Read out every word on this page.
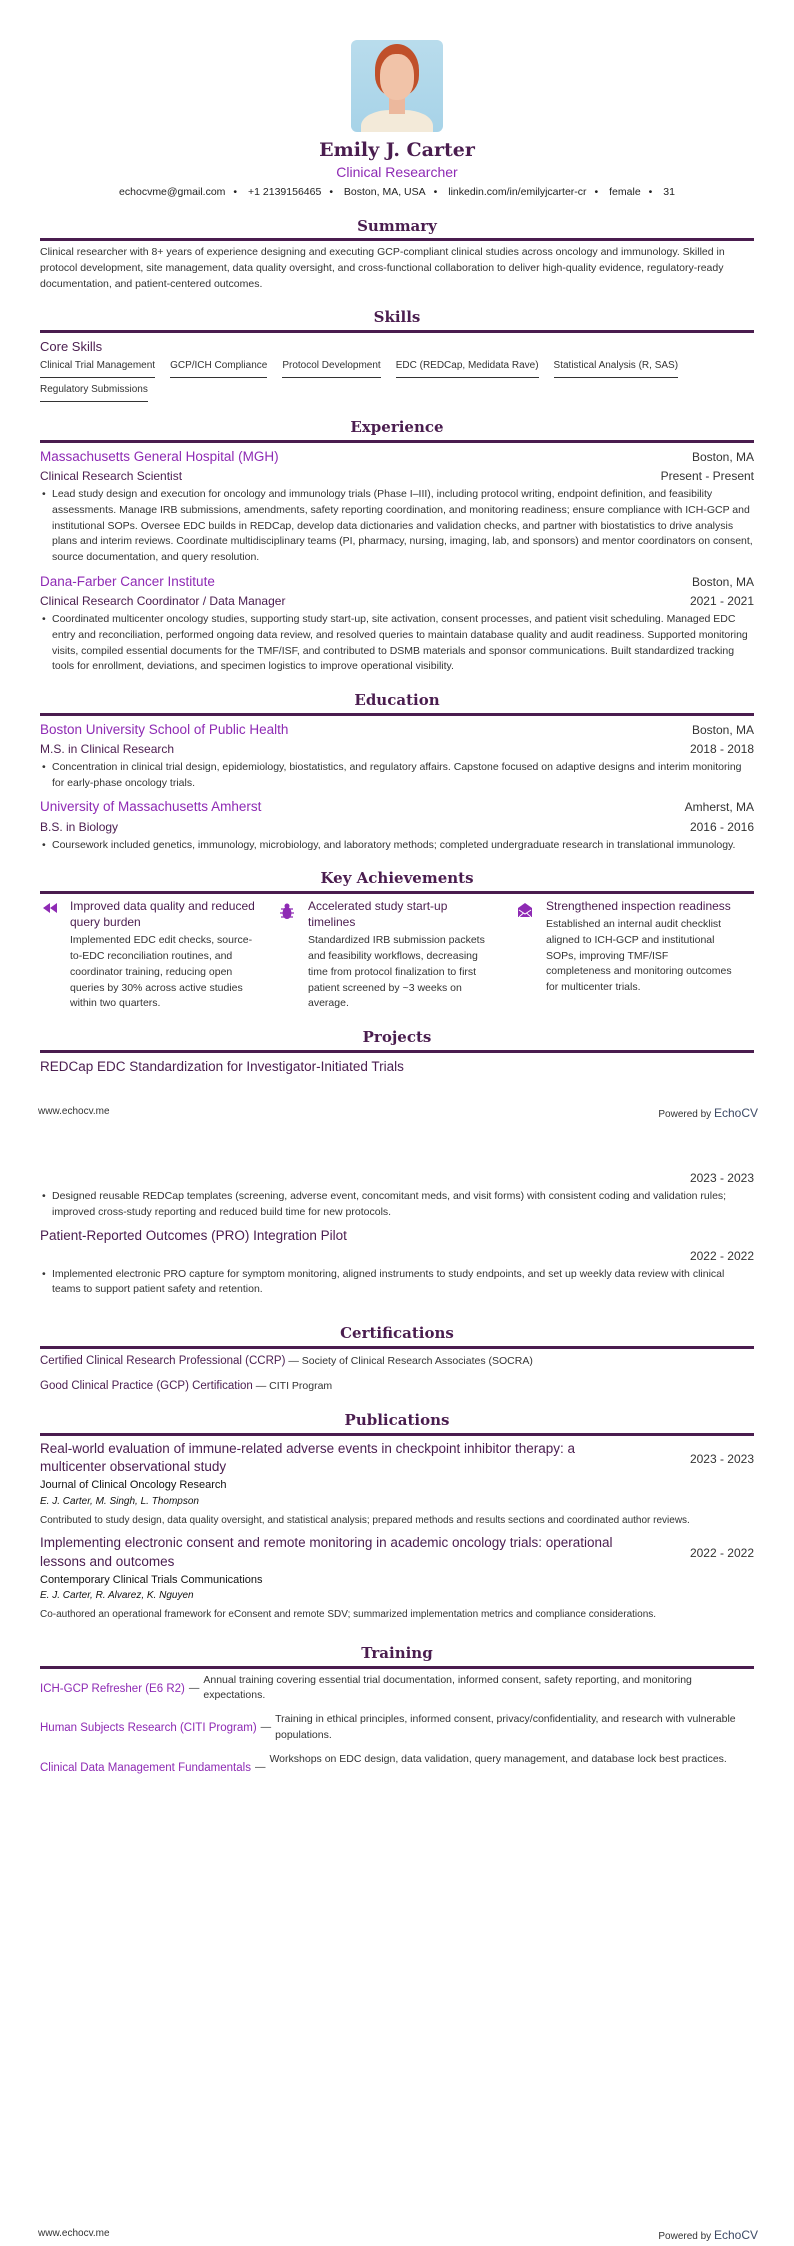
Emily J. Carter
Clinical Researcher
echocvme@gmail.com • +1 2139156465 • Boston, MA, USA • linkedin.com/in/emilyjcarter-cr • female • 31
Summary

Clinical researcher with 8+ years of experience designing and executing GCP-compliant clinical studies across oncology and immunology. Skilled in protocol development, site management, data quality oversight, and cross-functional collaboration to deliver high-quality evidence, regulatory-ready documentation, and patient-centered outcomes.

Skills
Core Skills
Clinical Trial Management GCP/ICH Compliance Protocol Development EDC (REDCap, Medidata Rave) Statistical Analysis (R, SAS)
Regulatory Submissions
Experience
Massachusetts General Hospital (MGH)	Boston, MA
Clinical Research Scientist	Present - Present
• Lead study design and execution for oncology and immunology trials (Phase I–III), including protocol writing, endpoint definition, and feasibility assessments. Manage IRB submissions, amendments, safety reporting coordination, and monitoring readiness; ensure compliance with ICH-GCP and institutional SOPs. Oversee EDC builds in REDCap, develop data dictionaries and validation checks, and partner with biostatistics to drive analysis plans and interim reviews. Coordinate multidisciplinary teams (PI, pharmacy, nursing, imaging, lab, and sponsors) and mentor coordinators on consent, source documentation, and query resolution.
Dana-Farber Cancer Institute	Boston, MA
Clinical Research Coordinator / Data Manager	2021 - 2021
• Coordinated multicenter oncology studies, supporting study start-up, site activation, consent processes, and patient visit scheduling. Managed EDC entry and reconciliation, performed ongoing data review, and resolved queries to maintain database quality and audit readiness. Supported monitoring visits, compiled essential documents for the TMF/ISF, and contributed to DSMB materials and sponsor communications. Built standardized tracking tools for enrollment, deviations, and specimen logistics to improve operational visibility.
Education
Boston University School of Public Health	Boston, MA
M.S. in Clinical Research	2018 - 2018
• Concentration in clinical trial design, epidemiology, biostatistics, and regulatory affairs. Capstone focused on adaptive designs and interim monitoring for early-phase oncology trials.
University of Massachusetts Amherst	Amherst, MA
B.S. in Biology	2016 - 2016
• Coursework included genetics, immunology, microbiology, and laboratory methods; completed undergraduate research in translational immunology.
Key Achievements
Improved data quality and reduced query burden
Implemented EDC edit checks, source-to-EDC reconciliation routines, and coordinator training, reducing open queries by 30% across active studies within two quarters.
Accelerated study start-up timelines
Standardized IRB submission packets and feasibility workflows, decreasing time from protocol finalization to first patient screened by ~3 weeks on average.
Strengthened inspection readiness
Established an internal audit checklist aligned to ICH-GCP and institutional SOPs, improving TMF/ISF completeness and monitoring outcomes for multicenter trials.
Projects
REDCap EDC Standardization for Investigator-Initiated Trials
2023 - 2023
• Designed reusable REDCap templates (screening, adverse event, concomitant meds, and visit forms) with consistent coding and validation rules; improved cross-study reporting and reduced build time for new protocols.
Patient-Reported Outcomes (PRO) Integration Pilot
2022 - 2022
• Implemented electronic PRO capture for symptom monitoring, aligned instruments to study endpoints, and set up weekly data review with clinical teams to support patient safety and retention.
Certifications
Certified Clinical Research Professional (CCRP) — Society of Clinical Research Associates (SOCRA)
Good Clinical Practice (GCP) Certification — CITI Program
Publications
Real-world evaluation of immune-related adverse events in checkpoint inhibitor therapy: a multicenter observational study
2023 - 2023
Journal of Clinical Oncology Research
E. J. Carter, M. Singh, L. Thompson
Contributed to study design, data quality oversight, and statistical analysis; prepared methods and results sections and coordinated author reviews.
Implementing electronic consent and remote monitoring in academic oncology trials: operational lessons and outcomes
2022 - 2022
Contemporary Clinical Trials Communications
E. J. Carter, R. Alvarez, K. Nguyen
Co-authored an operational framework for eConsent and remote SDV; summarized implementation metrics and compliance considerations.
Training
ICH-GCP Refresher (E6 R2) —
Annual training covering essential trial documentation, informed consent, safety reporting, and monitoring expectations.
Human Subjects Research (CITI Program) —
Training in ethical principles, informed consent, privacy/confidentiality, and research with vulnerable populations.
Clinical Data Management Fundamentals —
Workshops on EDC design, data validation, query management, and database lock best practices.
www.echocv.me	Powered by EchoCV
www.echocv.me	Powered by EchoCV
